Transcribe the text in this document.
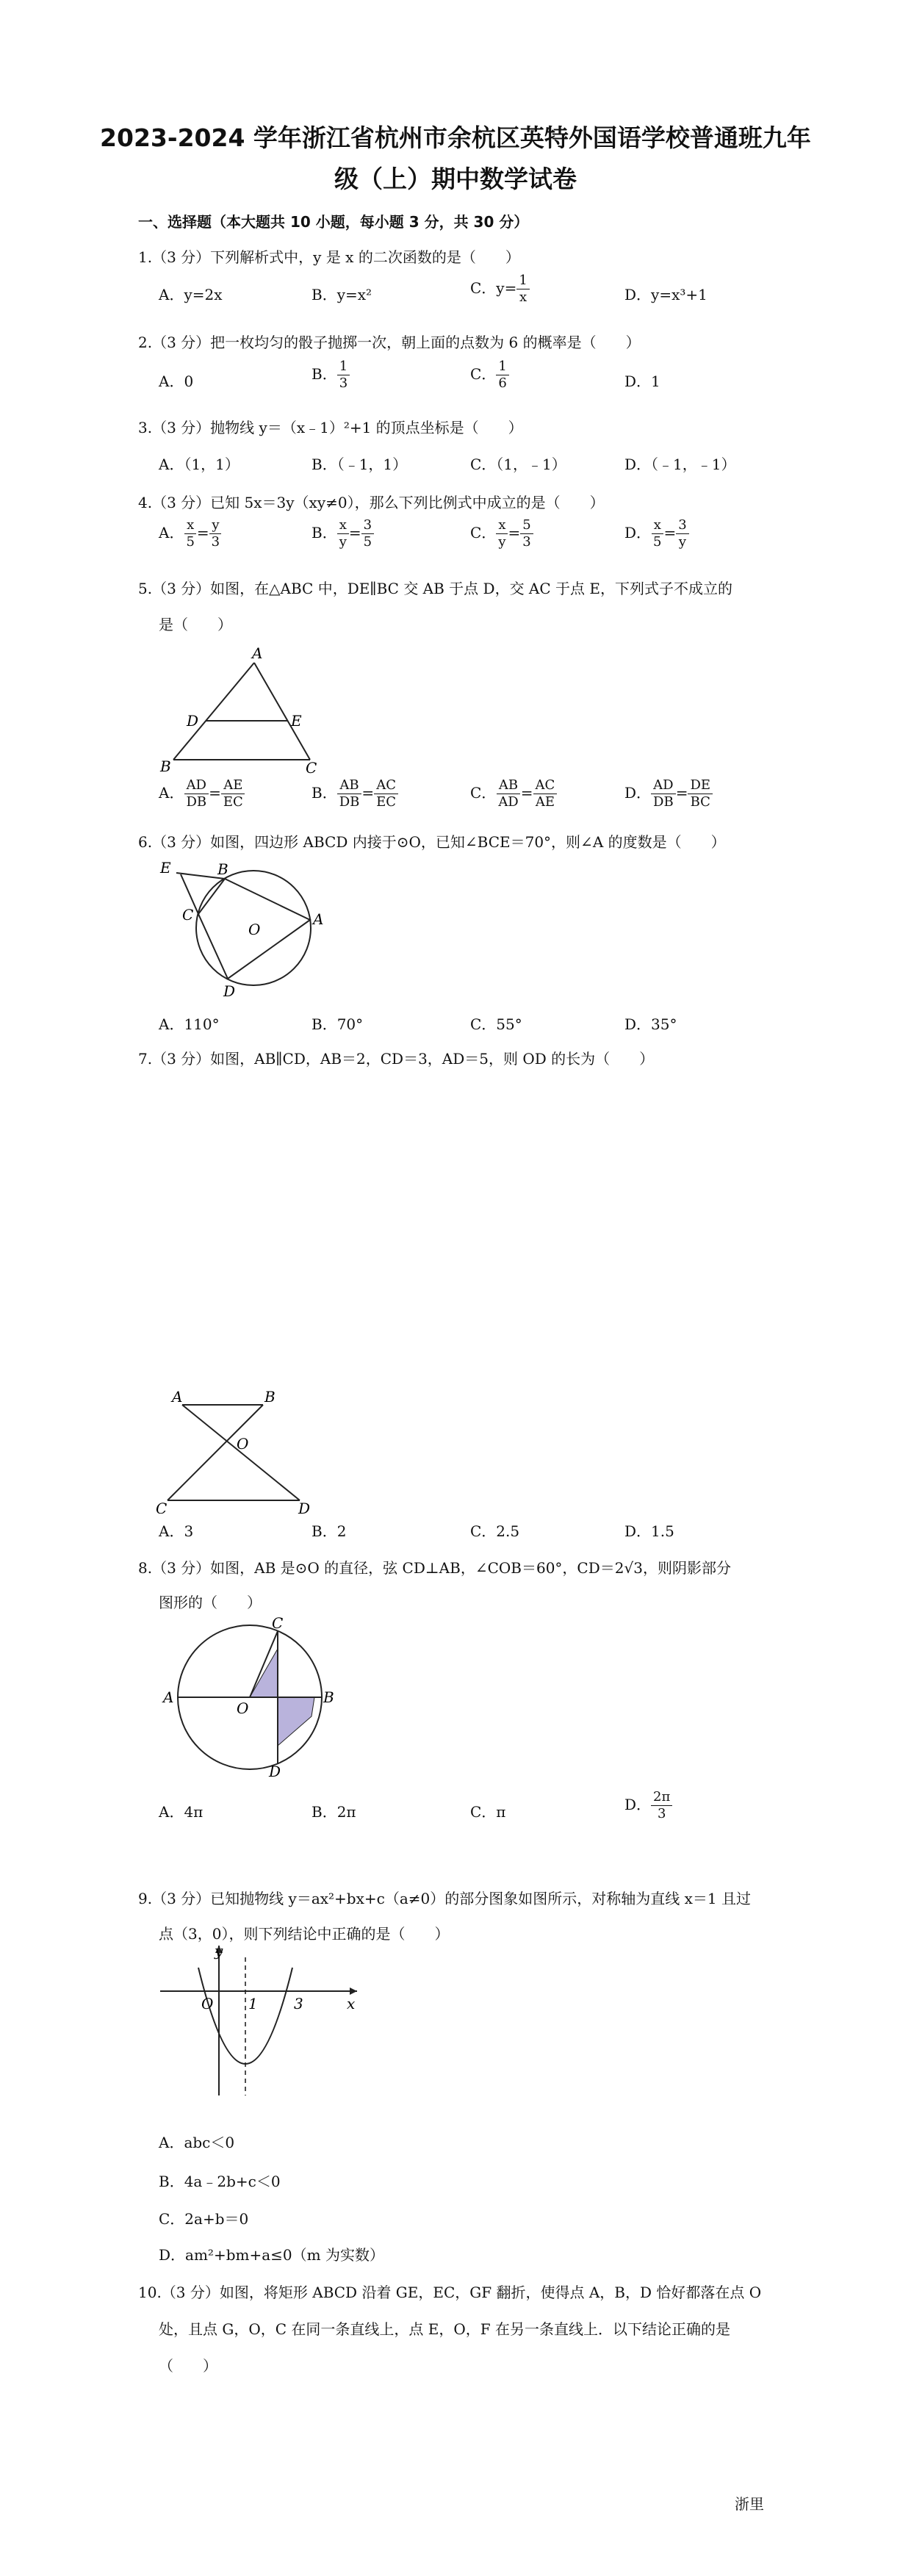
2023-2024 学年浙江省杭州市余杭区英特外国语学校普通班九年
级（上）期中数学试卷
一、选择题（本大题共 10 小题，每小题 3 分，共 30 分）
1.（3 分）下列解析式中，y 是 x 的二次函数的是（　　）
A．y=2x	B．y=x²	C．$y= \frac{1}{x}$	D．y=x³+1
2.（3 分）把一枚均匀的骰子抛掷一次，朝上面的点数为 6 的概率是（　　）
A．0	B． $\frac{1}{3}$	C． $\frac{1}{6}$	D．1
3.（3 分）抛物线 y＝（x﹣1）²+1 的顶点坐标是（　　）
A．（1，1）	B．（﹣1，1）	C．（1，﹣1）	D．（﹣1，﹣1）
4.（3 分）已知 5x＝3y（xy≠0），那么下列比例式中成立的是（　　）
A． $\frac{x}{5} = \frac{y}{3}$	B． $\frac{x}{y} = \frac{3}{5}$	C． $\frac{x}{y} = \frac{5}{3}$	D． $\frac{x}{5} = \frac{3}{y}$
5.（3 分）如图，在△ABC 中，DE∥BC 交 AB 于点 D，交 AC 于点 E，下列式子不成立的
是（　　）
A
D	E
B	C
A． $\frac{AD}{DB} = \frac{AE}{EC}$	B． $\frac{AB}{DB} = \frac{AC}{EC}$	C． $\frac{AB}{AD} = \frac{AC}{AE}$	D． $\frac{AD}{DB} = \frac{DE}{BC}$
6.（3 分）如图，四边形 ABCD 内接于⊙O，已知∠BCE＝70°，则∠A 的度数是（　　）
E	B
C	A
D
O
A．110°	B．70°	C．55°	D．35°
7.（3 分）如图，AB∥CD，AB＝2，CD＝3，AD＝5，则 OD 的长为（　　）
A	B
O
C	D
A．3	B．2	C．2.5	D．1.5
8.（3 分）如图，AB 是⊙O 的直径，弦 CD⊥AB，∠COB＝60°，CD＝2√3，则阴影部分
图形的（　　）
A	B
C
D
O
A．4π	B．2π	C．π	D． $\frac{2\pi}{3}$
9.（3 分）已知抛物线 y＝ax²+bx+c（a≠0）的部分图象如图所示，对称轴为直线 x＝1 且过
点（3，0），则下列结论中正确的是（　　）
y
x
O 1 3
A．abc＜0
B．4a﹣2b+c＜0
C．2a+b＝0
D．am²+bm+a≤0（m 为实数）
10.（3 分）如图，将矩形 ABCD 沿着 GE，EC，GF 翻折，使得点 A，B，D 恰好都落在点 O
处，且点 G，O，C 在同一条直线上，点 E，O，F 在另一条直线上．以下结论正确的是
（　　）
浙里
